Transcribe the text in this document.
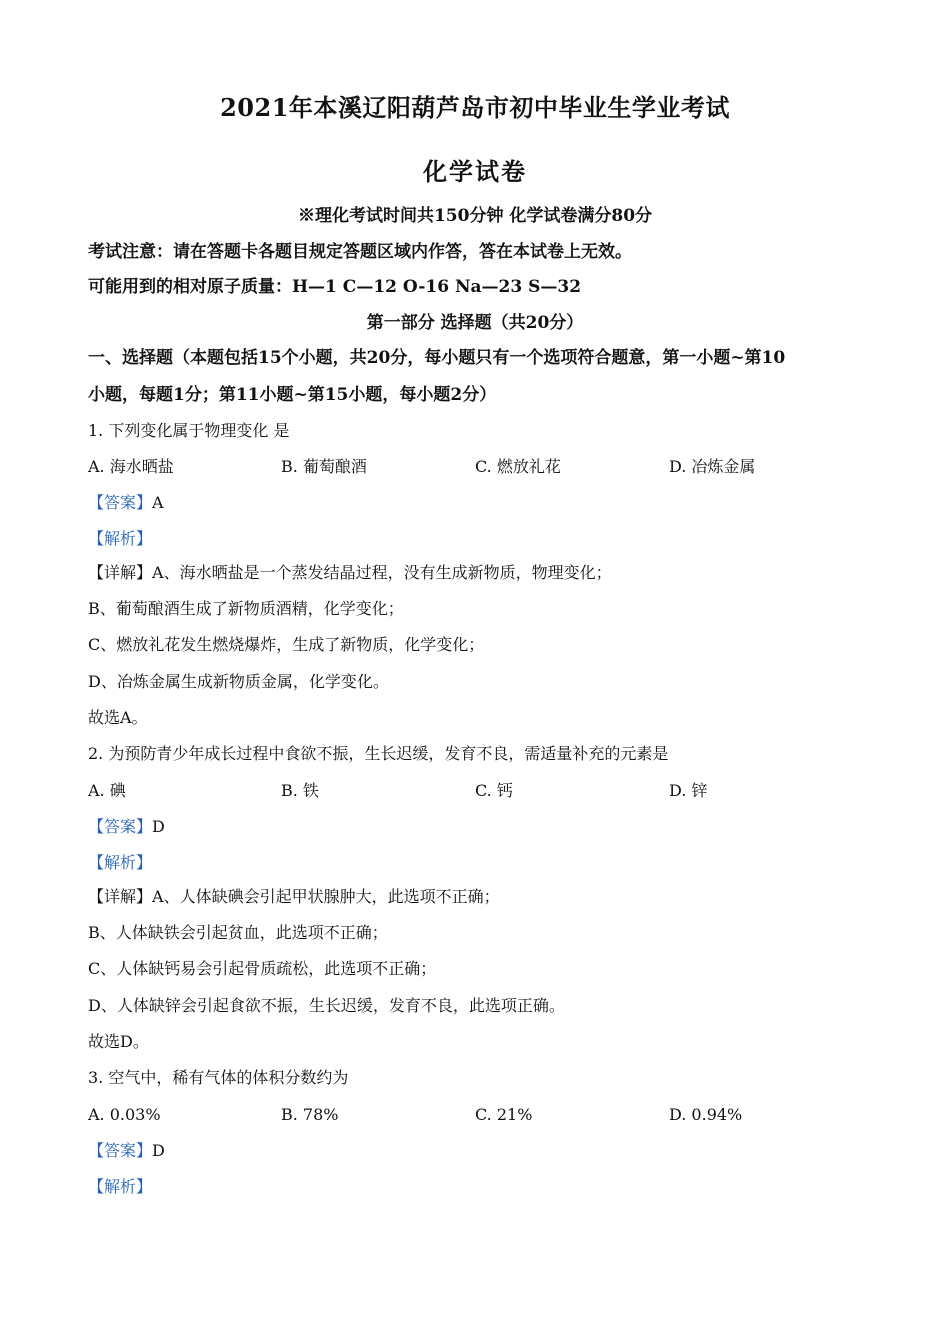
2021年本溪辽阳葫芦岛市初中毕业生学业考试
化学试卷
※理化考试时间共150分钟 化学试卷满分80分
考试注意：请在答题卡各题目规定答题区域内作答，答在本试卷上无效。
可能用到的相对原子质量：H—1 C—12 O-16 Na—23 S—32
第一部分 选择题（共20分）
一、选择题（本题包括15个小题，共20分，每小题只有一个选项符合题意，第一小题~第10
小题，每题1分；第11小题~第15小题，每小题2分）
1. 下列变化属于物理变化 是
A. 海水晒盐	B. 葡萄酿酒	C. 燃放礼花	D. 冶炼金属
【答案】A
【解析】
【详解】A、海水晒盐是一个蒸发结晶过程，没有生成新物质，物理变化；
B、葡萄酿酒生成了新物质酒精，化学变化；
C、燃放礼花发生燃烧爆炸，生成了新物质，化学变化；
D、冶炼金属生成新物质金属，化学变化。
故选A。
2. 为预防青少年成长过程中食欲不振，生长迟缓，发育不良，需适量补充的元素是
A. 碘	B. 铁	C. 钙	D. 锌
【答案】D
【解析】
【详解】A、人体缺碘会引起甲状腺肿大，此选项不正确；
B、人体缺铁会引起贫血，此选项不正确；
C、人体缺钙易会引起骨质疏松，此选项不正确；
D、人体缺锌会引起食欲不振，生长迟缓，发育不良，此选项正确。
故选D。
3. 空气中，稀有气体的体积分数约为
A. 0.03%	B. 78%	C. 21%	D. 0.94%
【答案】D
【解析】
